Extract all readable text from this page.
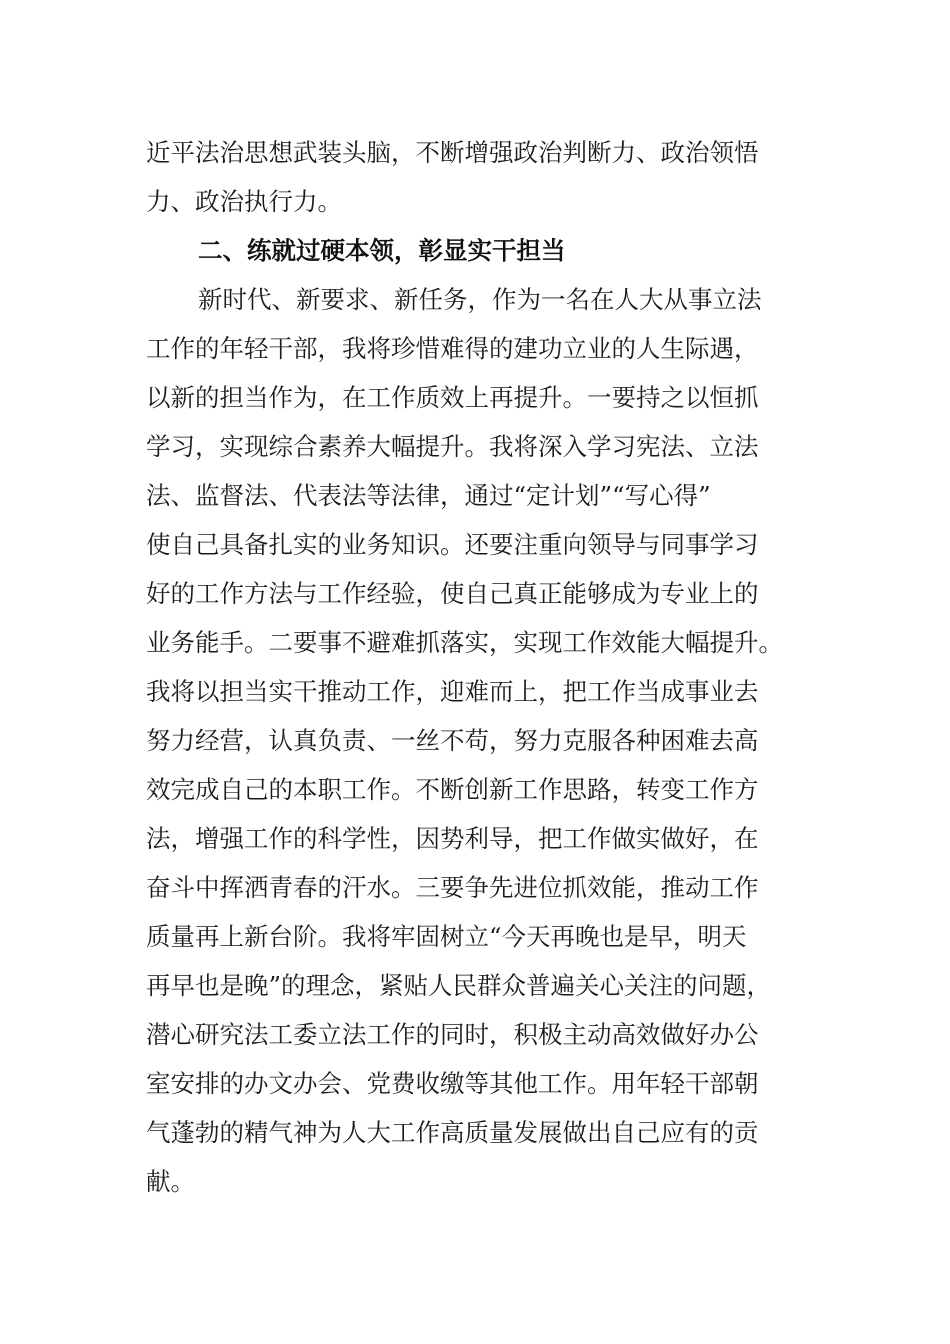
近平法治思想武装头脑，不断增强政治判断力、政治领悟
力、政治执行力。
二、练就过硬本领，彰显实干担当
新时代、新要求、新任务，作为一名在人大从事立法
工作的年轻干部，我将珍惜难得的建功立业的人生际遇，
以新的担当作为，在工作质效上再提升。一要持之以恒抓
学习，实现综合素养大幅提升。我将深入学习宪法、立法
法、监督法、代表法等法律，通过“定计划”“写心得”
使自己具备扎实的业务知识。还要注重向领导与同事学习
好的工作方法与工作经验，使自己真正能够成为专业上的
业务能手。二要事不避难抓落实，实现工作效能大幅提升。
我将以担当实干推动工作，迎难而上，把工作当成事业去
努力经营，认真负责、一丝不苟，努力克服各种困难去高
效完成自己的本职工作。不断创新工作思路，转变工作方
法，增强工作的科学性，因势利导，把工作做实做好，在
奋斗中挥洒青春的汗水。三要争先进位抓效能，推动工作
质量再上新台阶。我将牢固树立“今天再晚也是早，明天
再早也是晚”的理念，紧贴人民群众普遍关心关注的问题，
潜心研究法工委立法工作的同时，积极主动高效做好办公
室安排的办文办会、党费收缴等其他工作。用年轻干部朝
气蓬勃的精气神为人大工作高质量发展做出自己应有的贡
献。
